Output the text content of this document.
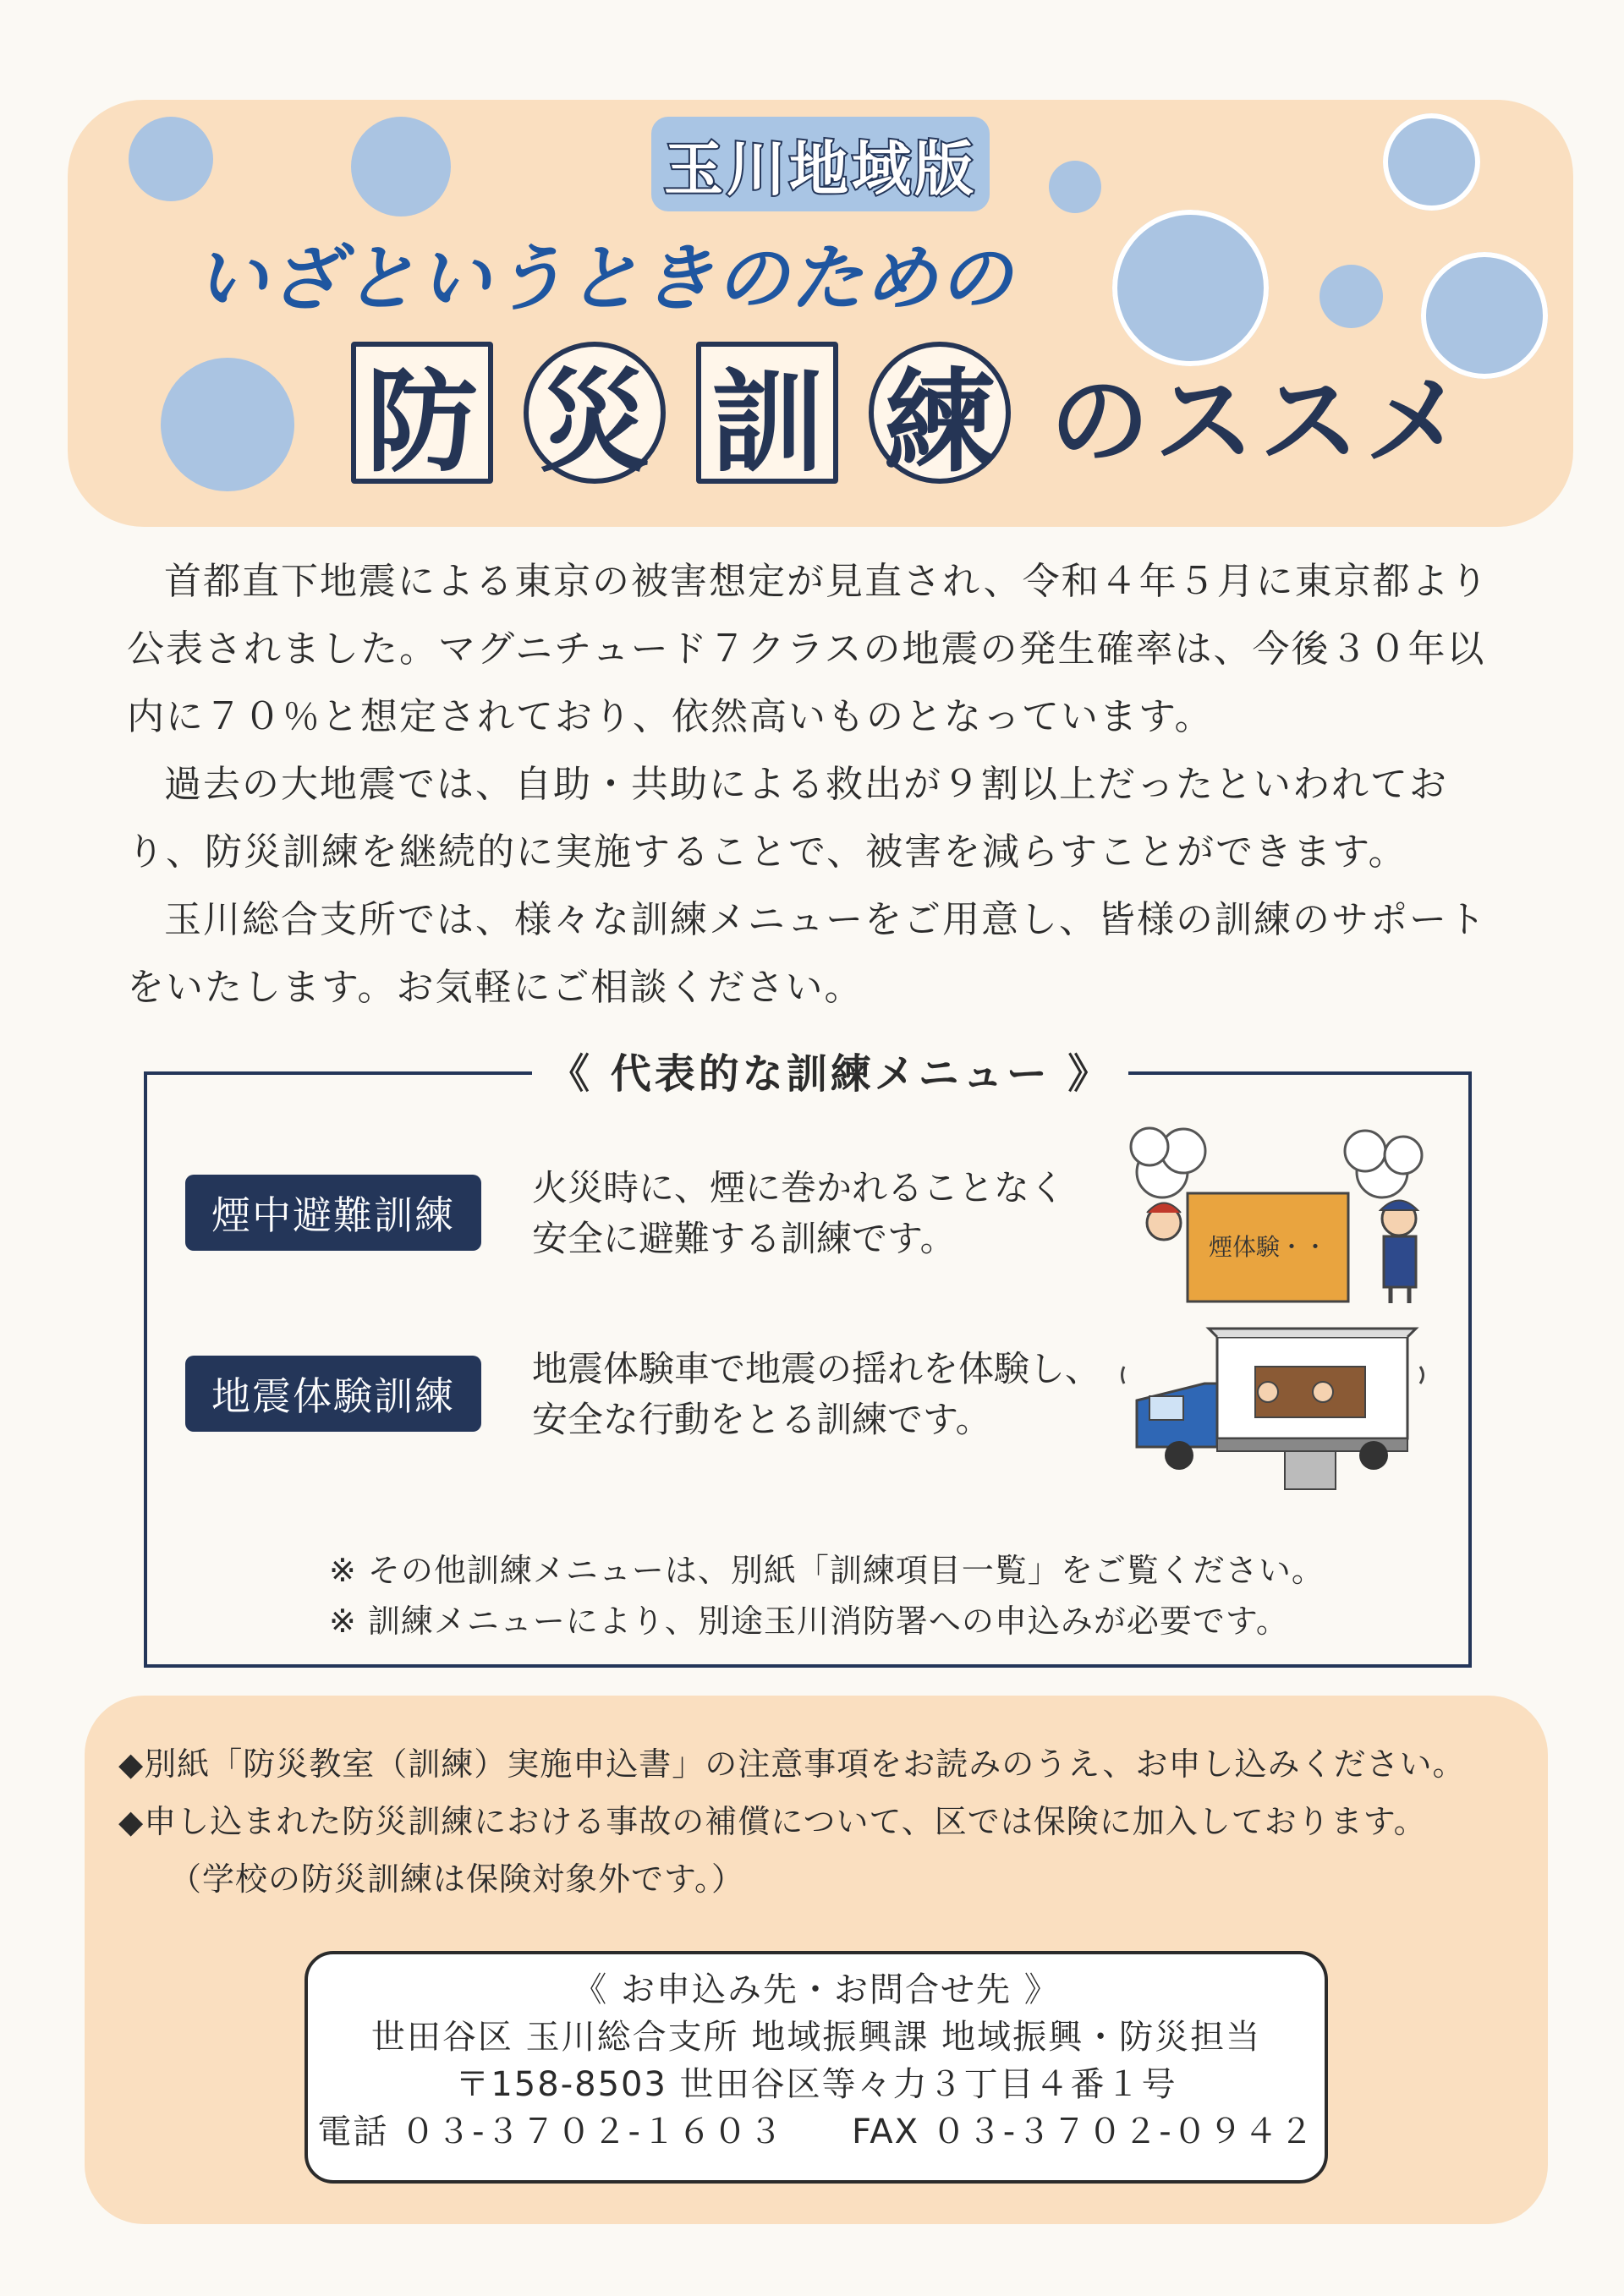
玉川地域版
いざというときのための
防 災 訓 練 のススメ

首都直下地震による東京の被害想定が見直され、令和４年５月に東京都より公表されました。マグニチュード７クラスの地震の発生確率は、今後３０年以内に７０％と想定されており、依然高いものとなっています。

過去の大地震では、自助・共助による救出が９割以上だったといわれており、防災訓練を継続的に実施することで、被害を減らすことができます。

玉川総合支所では、様々な訓練メニューをご用意し、皆様の訓練のサポートをいたします。お気軽にご相談ください。

《 代表的な訓練メニュー 》
煙中避難訓練

火災時に、煙に巻かれることなく
安全に避難する訓練です。	煙体験・・
地震体験訓練

地震体験車で地震の揺れを体験し、
安全な行動をとる訓練です。

※ その他訓練メニューは、別紙「訓練項目一覧」をご覧ください。

※ 訓練メニューにより、別途玉川消防署への申込みが必要です。

◆別紙「防災教室（訓練）実施申込書」の注意事項をお読みのうえ、お申し込みください。

◆申し込まれた防災訓練における事故の補償について、区では保険に加入しております。

（学校の防災訓練は保険対象外です。）

《 お申込み先・お問合せ先 》

世田谷区 玉川総合支所 地域振興課 地域振興・防災担当

〒158-8503 世田谷区等々力３丁目４番１号

電話 ０３-３７０２-１６０３ FAX ０３-３７０２-０９４２
